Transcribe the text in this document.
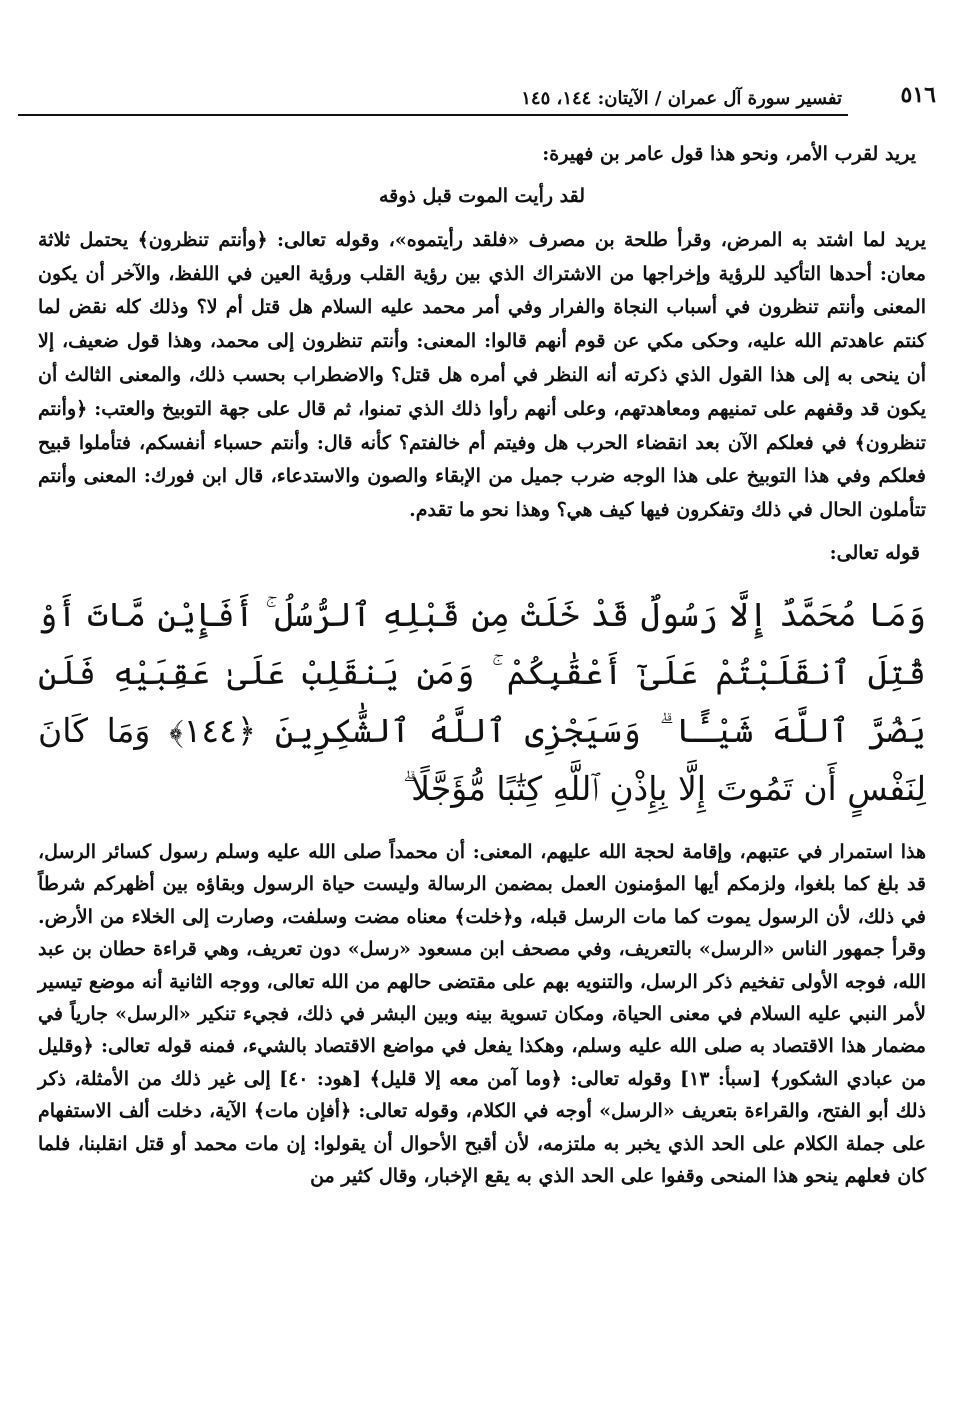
٥١٦
تفسير سورة آل عمران / الآيتان: ١٤٤، ١٤٥

يريد لقرب الأمر، ونحو هذا قول عامر بن فهيرة:

لقد رأيت الموت قبل ذوقه

يريد لما اشتد به المرض، وقرأ طلحة بن مصرف «فلقد رأيتموه»، وقوله تعالى: ﴿وأنتم تنظرون﴾ يحتمل ثلاثة معان: أحدها التأكيد للرؤية وإخراجها من الاشتراك الذي بين رؤية القلب ورؤية العين في اللفظ، والآخر أن يكون المعنى وأنتم تنظرون في أسباب النجاة والفرار وفي أمر محمد عليه السلام هل قتل أم لا؟ وذلك كله نقض لما كنتم عاهدتم الله عليه، وحكى مكي عن قوم أنهم قالوا: المعنى: وأنتم تنظرون إلى محمد، وهذا قول ضعيف، إلا أن ينحى به إلى هذا القول الذي ذكرته أنه النظر في أمره هل قتل؟ والاضطراب بحسب ذلك، والمعنى الثالث أن يكون قد وقفهم على تمنيهم ومعاهدتهم، وعلى أنهم رأوا ذلك الذي تمنوا، ثم قال على جهة التوبيخ والعتب: ﴿وأنتم تنظرون﴾ في فعلكم الآن بعد انقضاء الحرب هل وفيتم أم خالفتم؟ كأنه قال: وأنتم حسباء أنفسكم، فتأملوا قبيح فعلكم وفي هذا التوبيخ على هذا الوجه ضرب جميل من الإبقاء والصون والاستدعاء، قال ابن فورك: المعنى وأنتم تتأملون الحال في ذلك وتفكرون فيها كيف هي؟ وهذا نحو ما تقدم.

قوله تعالى:

وَمَا مُحَمَّدٌ إِلَّا رَسُولٌ قَدْ خَلَتْ مِن قَبْلِهِ ٱلرُّسُلُ ۚ أَفَإِيْن مَّاتَ أَوْ قُتِلَ ٱنقَلَبْتُمْ عَلَىٰٓ أَعْقَٰبِكُمْ ۚ وَمَن يَنقَلِبْ عَلَىٰ عَقِبَيْهِ فَلَن يَضُرَّ ٱللَّهَ شَيْـًٔا ۗ وَسَيَجْزِى ٱللَّهُ ٱلشَّٰكِرِينَ ﴿١٤٤﴾ وَمَا كَانَ لِنَفْسٍ أَن تَمُوتَ إِلَّا بِإِذْنِ ٱللَّهِ كِتَٰبًا مُّؤَجَّلًا ۗ

هذا استمرار في عتبهم، وإقامة لحجة الله عليهم، المعنى: أن محمداً صلى الله عليه وسلم رسول كسائر الرسل، قد بلغ كما بلغوا، ولزمكم أيها المؤمنون العمل بمضمن الرسالة وليست حياة الرسول وبقاؤه بين أظهركم شرطاً في ذلك، لأن الرسول يموت كما مات الرسل قبله، و﴿خلت﴾ معناه مضت وسلفت، وصارت إلى الخلاء من الأرض. وقرأ جمهور الناس «الرسل» بالتعريف، وفي مصحف ابن مسعود «رسل» دون تعريف، وهي قراءة حطان بن عبد الله، فوجه الأولى تفخيم ذكر الرسل، والتنويه بهم على مقتضى حالهم من الله تعالى، ووجه الثانية أنه موضع تيسير لأمر النبي عليه السلام في معنى الحياة، ومكان تسوية بينه وبين البشر في ذلك، فجيء تنكير «الرسل» جارياً في مضمار هذا الاقتصاد به صلى الله عليه وسلم، وهكذا يفعل في مواضع الاقتصاد بالشيء، فمنه قوله تعالى: ﴿وقليل من عبادي الشكور﴾ [سبأ: ١٣] وقوله تعالى: ﴿وما آمن معه إلا قليل﴾ [هود: ٤٠] إلى غير ذلك من الأمثلة، ذكر ذلك أبو الفتح، والقراءة بتعريف «الرسل» أوجه في الكلام، وقوله تعالى: ﴿أفإن مات﴾ الآية، دخلت ألف الاستفهام على جملة الكلام على الحد الذي يخبر به ملتزمه، لأن أقبح الأحوال أن يقولوا: إن مات محمد أو قتل انقلبنا، فلما كان فعلهم ينحو هذا المنحى وقفوا على الحد الذي به يقع الإخبار، وقال كثير من
